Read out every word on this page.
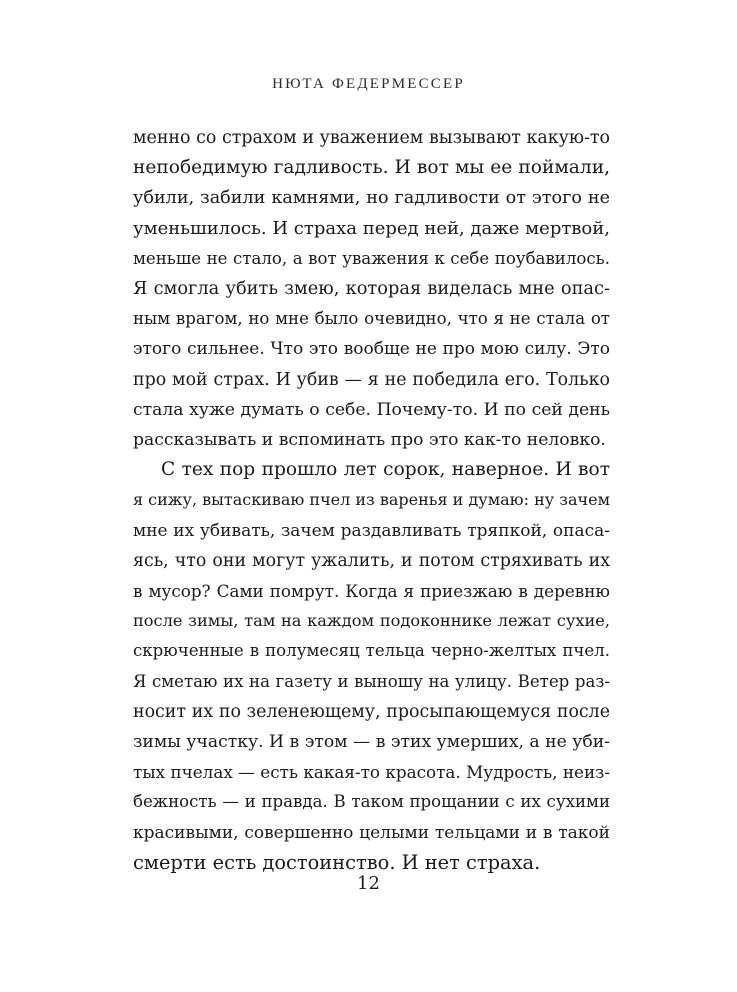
НЮТА ФЕДЕРМЕССЕР

менно со страхом и уважением вызывают какую-то
непобедимую гадливость. И вот мы ее поймали,
убили, забили камнями, но гадливости от этого не
уменьшилось. И страха перед ней, даже мертвой,
меньше не стало, а вот уважения к себе поубавилось.
Я смогла убить змею, которая виделась мне опас-
ным врагом, но мне было очевидно, что я не стала от
этого сильнее. Что это вообще не про мою силу. Это
про мой страх. И убив — я не победила его. Только
стала хуже думать о себе. Почему-то. И по сей день
рассказывать и вспоминать про это как-то неловко.

С тех пор прошло лет сорок, наверное. И вот
я сижу, вытаскиваю пчел из варенья и думаю: ну зачем
мне их убивать, зачем раздавливать тряпкой, опаса-
ясь, что они могут ужалить, и потом стряхивать их
в мусор? Сами помрут. Когда я приезжаю в деревню
после зимы, там на каждом подоконнике лежат сухие,
скрюченные в полумесяц тельца черно-желтых пчел.
Я сметаю их на газету и выношу на улицу. Ветер раз-
носит их по зеленеющему, просыпающемуся после
зимы участку. И в этом — в этих умерших, а не уби-
тых пчелах — есть какая-то красота. Мудрость, неиз-
бежность — и правда. В таком прощании с их сухими
красивыми, совершенно целыми тельцами и в такой
смерти есть достоинство. И нет страха.

12
